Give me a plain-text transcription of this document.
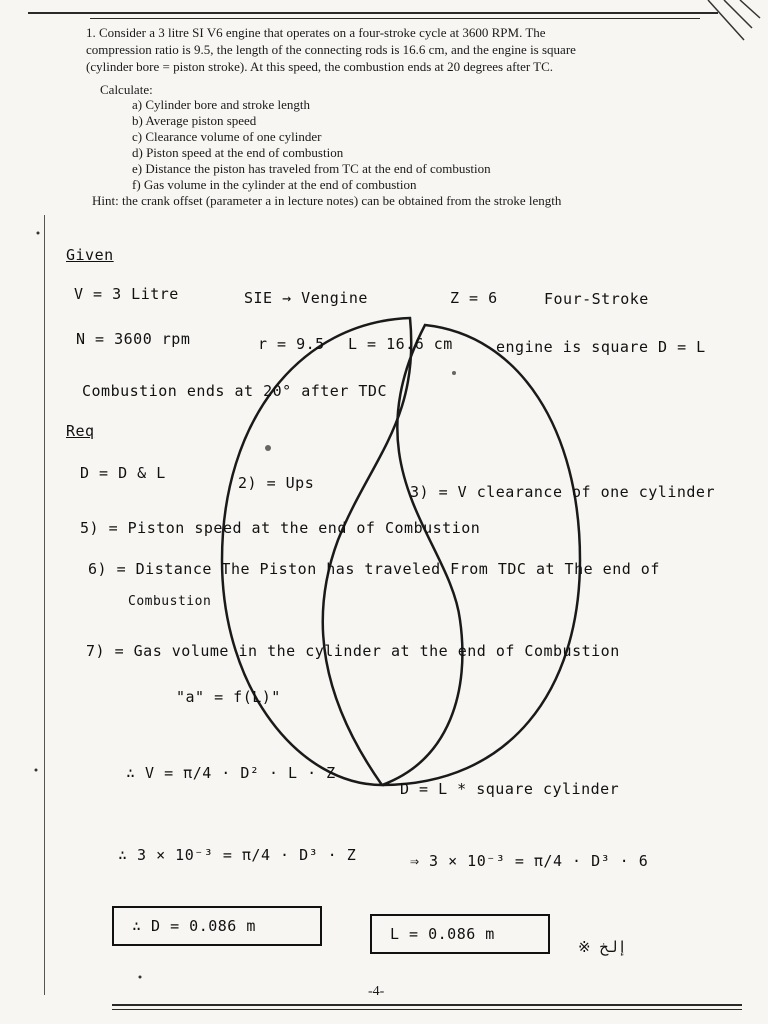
1. Consider a 3 litre SI V6 engine that operates on a four-stroke cycle at 3600 RPM. The
compression ratio is 9.5, the length of the connecting rods is 16.6 cm, and the engine is square
(cylinder bore = piston stroke). At this speed, the combustion ends at 20 degrees after TC.
Calculate:
a) Cylinder bore and stroke length
b) Average piston speed
c) Clearance volume of one cylinder
d) Piston speed at the end of combustion
e) Distance the piston has traveled from TC at the end of combustion
f) Gas volume in the cylinder at the end of combustion
Hint: the crank offset (parameter a in lecture notes) can be obtained from the stroke length
Given
V = 3 Litre	SIE → Vengine	Z = 6	Four-Stroke
N = 3600 rpm	r = 9.5 L = 16.6 cm	engine is square D = L
Combustion ends at 20° after TDC
Req
D = D & L
2) = Ups	3) = V clearance of one cylinder
5) = Piston speed at the end of Combustion
6) = Distance The Piston has traveled From TDC at The end of
Combustion
7) = Gas volume in the cylinder at the end of Combustion
"a" = f(L)"
∴ V = π/4 · D² · L · Z
D = L * square cylinder
∴ 3 × 10⁻³ = π/4 · D³ · Z	⇒ 3 × 10⁻³ = π/4 · D³ · 6
∴ D = 0.086 m	L = 0.086 m
※ إلخ
-4-
